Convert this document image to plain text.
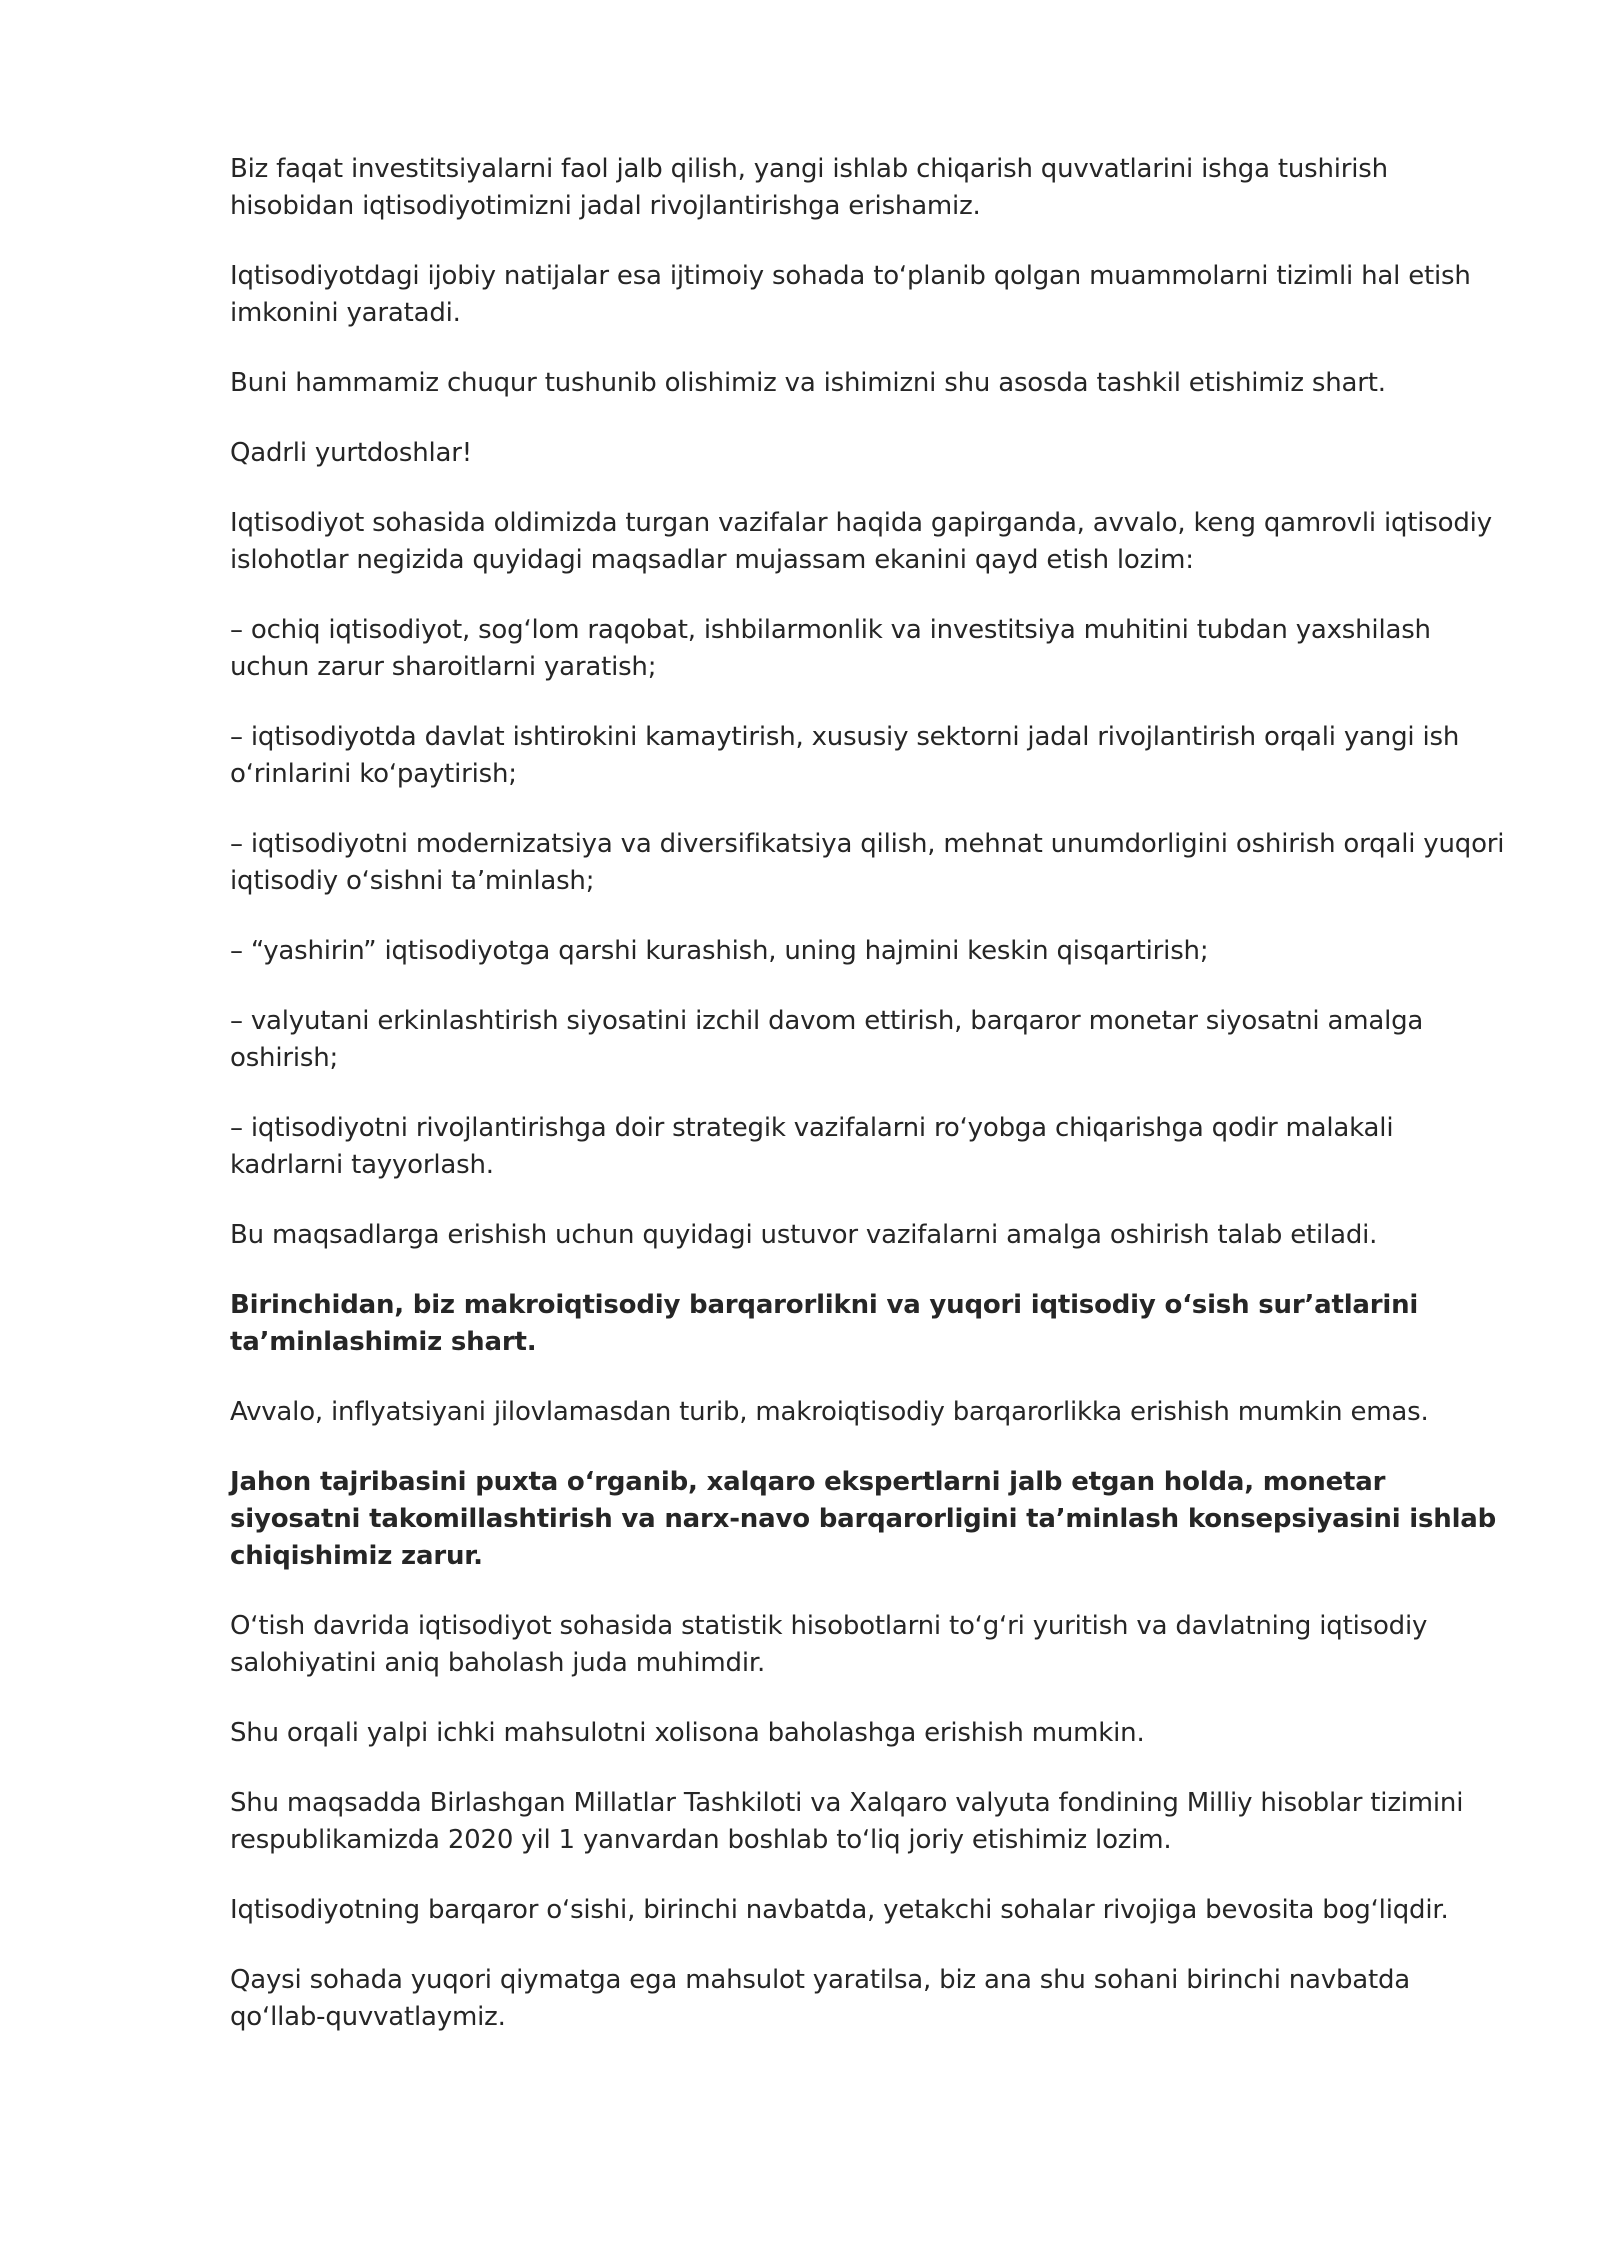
Biz faqat investitsiyalarni faol jalb qilish, yangi ishlab chiqarish quvvatlarini ishga tushirish hisobidan iqtisodiyotimizni jadal rivojlantirishga erishamiz.

Iqtisodiyotdagi ijobiy natijalar esa ijtimoiy sohada toʻplanib qolgan muammolarni tizimli hal etish imkonini yaratadi.

Buni hammamiz chuqur tushunib olishimiz va ishimizni shu asosda tashkil etishimiz shart.

Qadrli yurtdoshlar!

Iqtisodiyot sohasida oldimizda turgan vazifalar haqida gapirganda, avvalo, keng qamrovli iqtisodiy islohotlar negizida quyidagi maqsadlar mujassam ekanini qayd etish lozim:

– ochiq iqtisodiyot, sogʻlom raqobat, ishbilarmonlik va investitsiya muhitini tubdan yaxshilash uchun zarur sharoitlarni yaratish;

– iqtisodiyotda davlat ishtirokini kamaytirish, xususiy sektorni jadal rivojlantirish orqali yangi ish oʻrinlarini koʻpaytirish;

– iqtisodiyotni modernizatsiya va diversifikatsiya qilish, mehnat unumdorligini oshirish orqali yuqori iqtisodiy oʻsishni taʼminlash;

– “yashirin” iqtisodiyotga qarshi kurashish, uning hajmini keskin qisqartirish;

– valyutani erkinlashtirish siyosatini izchil davom ettirish, barqaror monetar siyosatni amalga oshirish;

– iqtisodiyotni rivojlantirishga doir strategik vazifalarni roʻyobga chiqarishga qodir malakali kadrlarni tayyorlash.

Bu maqsadlarga erishish uchun quyidagi ustuvor vazifalarni amalga oshirish talab etiladi.

Birinchidan, biz makroiqtisodiy barqarorlikni va yuqori iqtisodiy oʻsish surʼatlarini taʼminlashimiz shart.

Avvalo, inflyatsiyani jilovlamasdan turib, makroiqtisodiy barqarorlikka erishish mumkin emas.

Jahon tajribasini puxta oʻrganib, xalqaro ekspertlarni jalb etgan holda, monetar siyosatni takomillashtirish va narx-navo barqarorligini taʼminlash konsepsiyasini ishlab chiqishimiz zarur.

Oʻtish davrida iqtisodiyot sohasida statistik hisobotlarni toʻgʻri yuritish va davlatning iqtisodiy salohiyatini aniq baholash juda muhimdir.

Shu orqali yalpi ichki mahsulotni xolisona baholashga erishish mumkin.

Shu maqsadda Birlashgan Millatlar Tashkiloti va Xalqaro valyuta fondining Milliy hisoblar tizimini respublikamizda 2020 yil 1 yanvardan boshlab toʻliq joriy etishimiz lozim.

Iqtisodiyotning barqaror oʻsishi, birinchi navbatda, yetakchi sohalar rivojiga bevosita bogʻliqdir.

Qaysi sohada yuqori qiymatga ega mahsulot yaratilsa, biz ana shu sohani birinchi navbatda qoʻllab-quvvatlaymiz.
